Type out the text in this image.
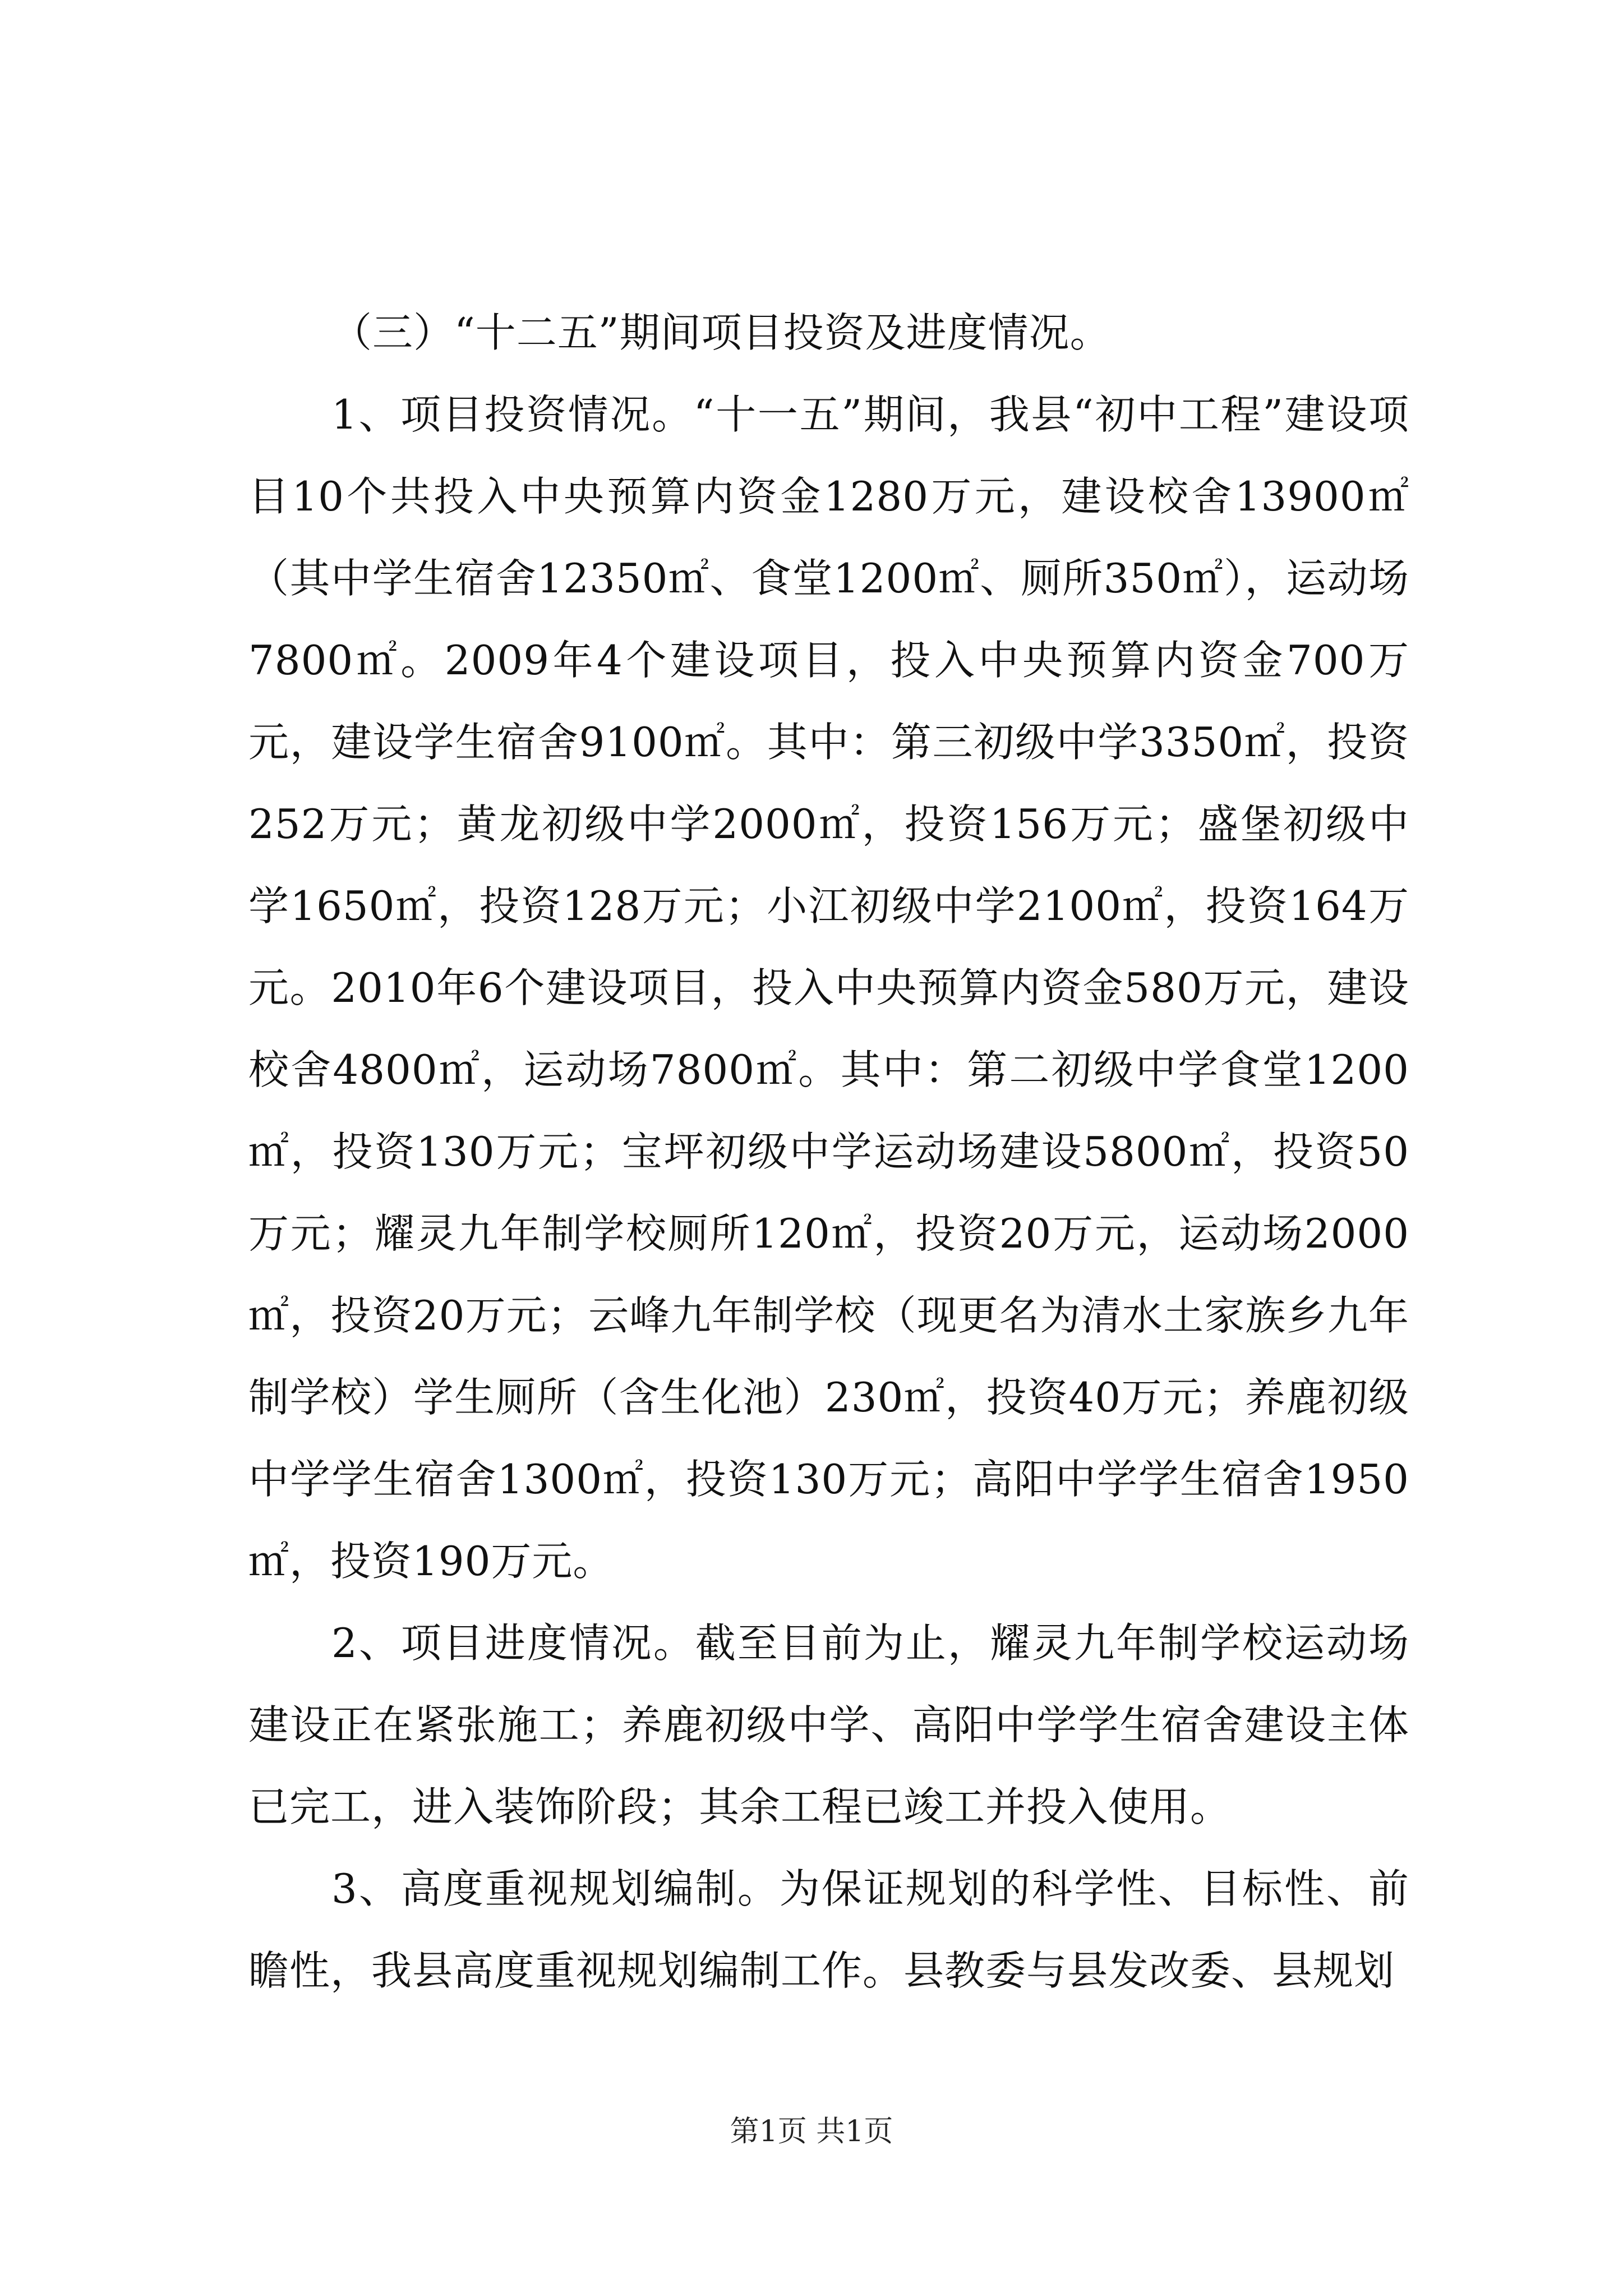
（三）“十二五”期间项目投资及进度情况。

1、项目投资情况。“十一五”期间，我县“初中工程”建设项目10个共投入中央预算内资金1280万元，建设校舍13900㎡（其中学生宿舍12350㎡、食堂1200㎡、厕所350㎡），运动场7800㎡。2009年4个建设项目，投入中央预算内资金700万元，建设学生宿舍9100㎡。其中：第三初级中学3350㎡，投资252万元；黄龙初级中学2000㎡，投资156万元；盛堡初级中学1650㎡，投资128万元；小江初级中学2100㎡，投资164万元。2010年6个建设项目，投入中央预算内资金580万元，建设校舍4800㎡，运动场7800㎡。其中：第二初级中学食堂1200㎡，投资130万元；宝坪初级中学运动场建设5800㎡，投资50万元；耀灵九年制学校厕所120㎡，投资20万元，运动场2000㎡，投资20万元；云峰九年制学校（现更名为清水土家族乡九年制学校）学生厕所（含生化池）230㎡，投资40万元；养鹿初级中学学生宿舍1300㎡，投资130万元；高阳中学学生宿舍1950㎡，投资190万元。

2、项目进度情况。截至目前为止，耀灵九年制学校运动场建设正在紧张施工；养鹿初级中学、高阳中学学生宿舍建设主体已完工，进入装饰阶段；其余工程已竣工并投入使用。

3、高度重视规划编制。为保证规划的科学性、目标性、前瞻性，我县高度重视规划编制工作。县教委与县发改委、县规划

第1页 共1页
